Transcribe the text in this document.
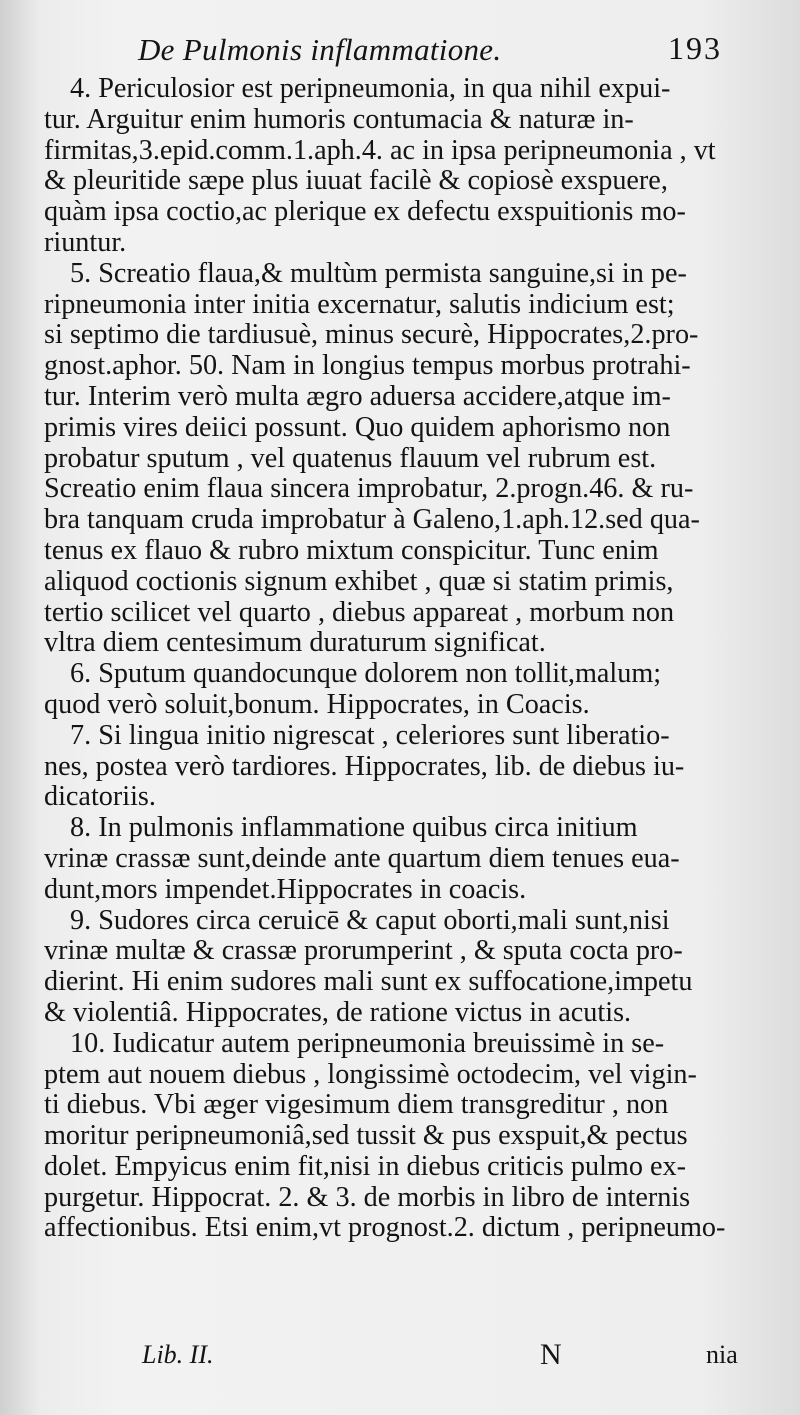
De Pulmonis inflammatione.	193
4. Periculosior est peripneumonia, in qua nihil expui-
tur. Arguitur enim humoris contumacia & naturæ in-
firmitas,3.epid.comm.1.aph.4. ac in ipsa peripneumonia , vt
& pleuritide sæpe plus iuuat facilè & copiosè exspuere,
quàm ipsa coctio,ac plerique ex defectu exspuitionis mo-
riuntur.
5. Screatio flaua,& multùm permista sanguine,si in pe-
ripneumonia inter initia excernatur, salutis indicium est;
si septimo die tardiusuè, minus securè, Hippocrates,2.pro-
gnost.aphor. 50. Nam in longius tempus morbus protrahi-
tur. Interim verò multa ægro aduersa accidere,atque im-
primis vires deiici possunt. Quo quidem aphorismo non
probatur sputum , vel quatenus flauum vel rubrum est.
Screatio enim flaua sincera improbatur, 2.progn.46. & ru-
bra tanquam cruda improbatur à Galeno,1.aph.12.sed qua-
tenus ex flauo & rubro mixtum conspicitur. Tunc enim
aliquod coctionis signum exhibet , quæ si statim primis,
tertio scilicet vel quarto , diebus appareat , morbum non
vltra diem centesimum duraturum significat.
6. Sputum quandocunque dolorem non tollit,malum;
quod verò soluit,bonum. Hippocrates, in Coacis.
7. Si lingua initio nigrescat , celeriores sunt liberatio-
nes, postea verò tardiores. Hippocrates, lib. de diebus iu-
dicatoriis.
8. In pulmonis inflammatione quibus circa initium
vrinæ crassæ sunt,deinde ante quartum diem tenues eua-
dunt,mors impendet.Hippocrates in coacis.
9. Sudores circa ceruicē & caput oborti,mali sunt,nisi
vrinæ multæ & crassæ prorumperint , & sputa cocta pro-
dierint. Hi enim sudores mali sunt ex suffocatione,impetu
& violentiâ. Hippocrates, de ratione victus in acutis.
10. Iudicatur autem peripneumonia breuissimè in se-
ptem aut nouem diebus , longissimè octodecim, vel vigin-
ti diebus. Vbi æger vigesimum diem transgreditur , non
moritur peripneumoniâ,sed tussit & pus exspuit,& pectus
dolet. Empyicus enim fit,nisi in diebus criticis pulmo ex-
purgetur. Hippocrat. 2. & 3. de morbis in libro de internis
affectionibus. Etsi enim,vt prognost.2. dictum , peripneumo-
Lib. II.	N	nia
